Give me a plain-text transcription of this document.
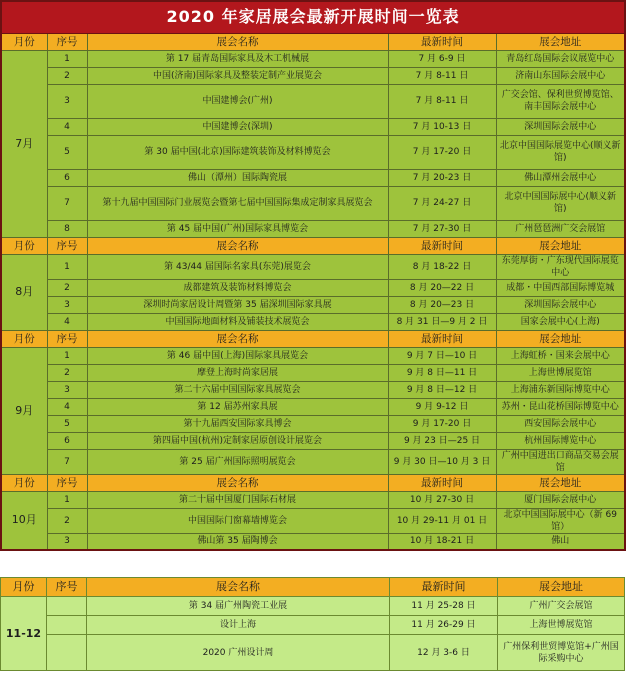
2020 年家居展会最新开展时间一览表				
月份	序号	展会名称	最新时间	展会地址
7月	1	第 17 届青岛国际家具及木工机械展	7 月 6-9 日	青岛红岛国际会议展览中心
	2	中国(济南)国际家具及整装定制产业展览会	7 月 8-11 日	济南山东国际会展中心
	3	中国建博会(广州)	7 月 8-11 日	广交会馆、保利世贸博览馆、南丰国际会展中心
	4	中国建博会(深圳)	7 月 10-13 日	深圳国际会展中心
	5	第 30 届中国(北京)国际建筑装饰及材料博览会	7 月 17-20 日	北京中国国际展览中心(顺义新馆)
	6	佛山（潭州）国际陶瓷展	7 月 20-23 日	佛山潭州会展中心
	7	第十九届中国国际门业展览会暨第七届中国国际集成定制家具展览会	7 月 24-27 日	北京中国国际展中心(顺义新馆)
	8	第 45 届中国(广州)国际家具博览会	7 月 27-30 日	广州琶琶洲广交会展馆
月份	序号	展会名称	最新时间	展会地址
8月	1	第 43/44 届国际名家具(东莞)展览会	8 月 18-22 日	东莞厚街・广东现代国际展览中心
	2	成都建筑及装饰材料博览会	8 月 20—22 日	成都・中国西部国际博览城
	3	深圳时尚家居设计周暨第 35 届深圳国际家具展	8 月 20—23 日	深圳国际会展中心
	4	中国国际地面材料及铺装技术展览会	8 月 31 日—9 月 2 日	国家会展中心(上海)
月份	序号	展会名称	最新时间	展会地址
9月	1	第 46 届中国(上海)国际家具展览会	9 月 7 日—10 日	上海虹桥・国来会展中心
	2	摩登上海时尚家居展	9 月 8 日—11 日	上海世博展览馆
	3	第二十六届中国国际家具展览会	9 月 8 日—12 日	上海浦东新国际博览中心
	4	第 12 届苏州家具展	9 月 9-12 日	苏州・昆山花桥国际博览中心
	5	第十九届西安国际家具博会	9 月 17-20 日	西安国际会展中心
	6	第四届中国(杭州)定制家居原创设计展览会	9 月 23 日—25 日	杭州国际博览中心
	7	第 25 届广州国际照明展览会	9 月 30 日—10 月 3 日	广州中国进出口商品交易会展馆
月份	序号	展会名称	最新时间	展会地址
10月	1	第二十届中国厦门国际石材展	10 月 27-30 日	厦门国际会展中心
	2	中国国际门窗幕墙博览会	10 月 29-11 月 01 日	北京中国国际展中心（新 69 馆）
	3	佛山第 35 届陶博会	10 月 18-21 日	佛山
月份	序号	展会名称	最新时间	展会地址
11-12		第 34 届广州陶瓷工业展	11 月 25-28 日	广州广交会展馆
		设计上海	11 月 26-29 日	上海世博展览馆
		2020 广州设计周	12 月 3-6 日	广州保利世贸博览馆+广州国际采购中心
